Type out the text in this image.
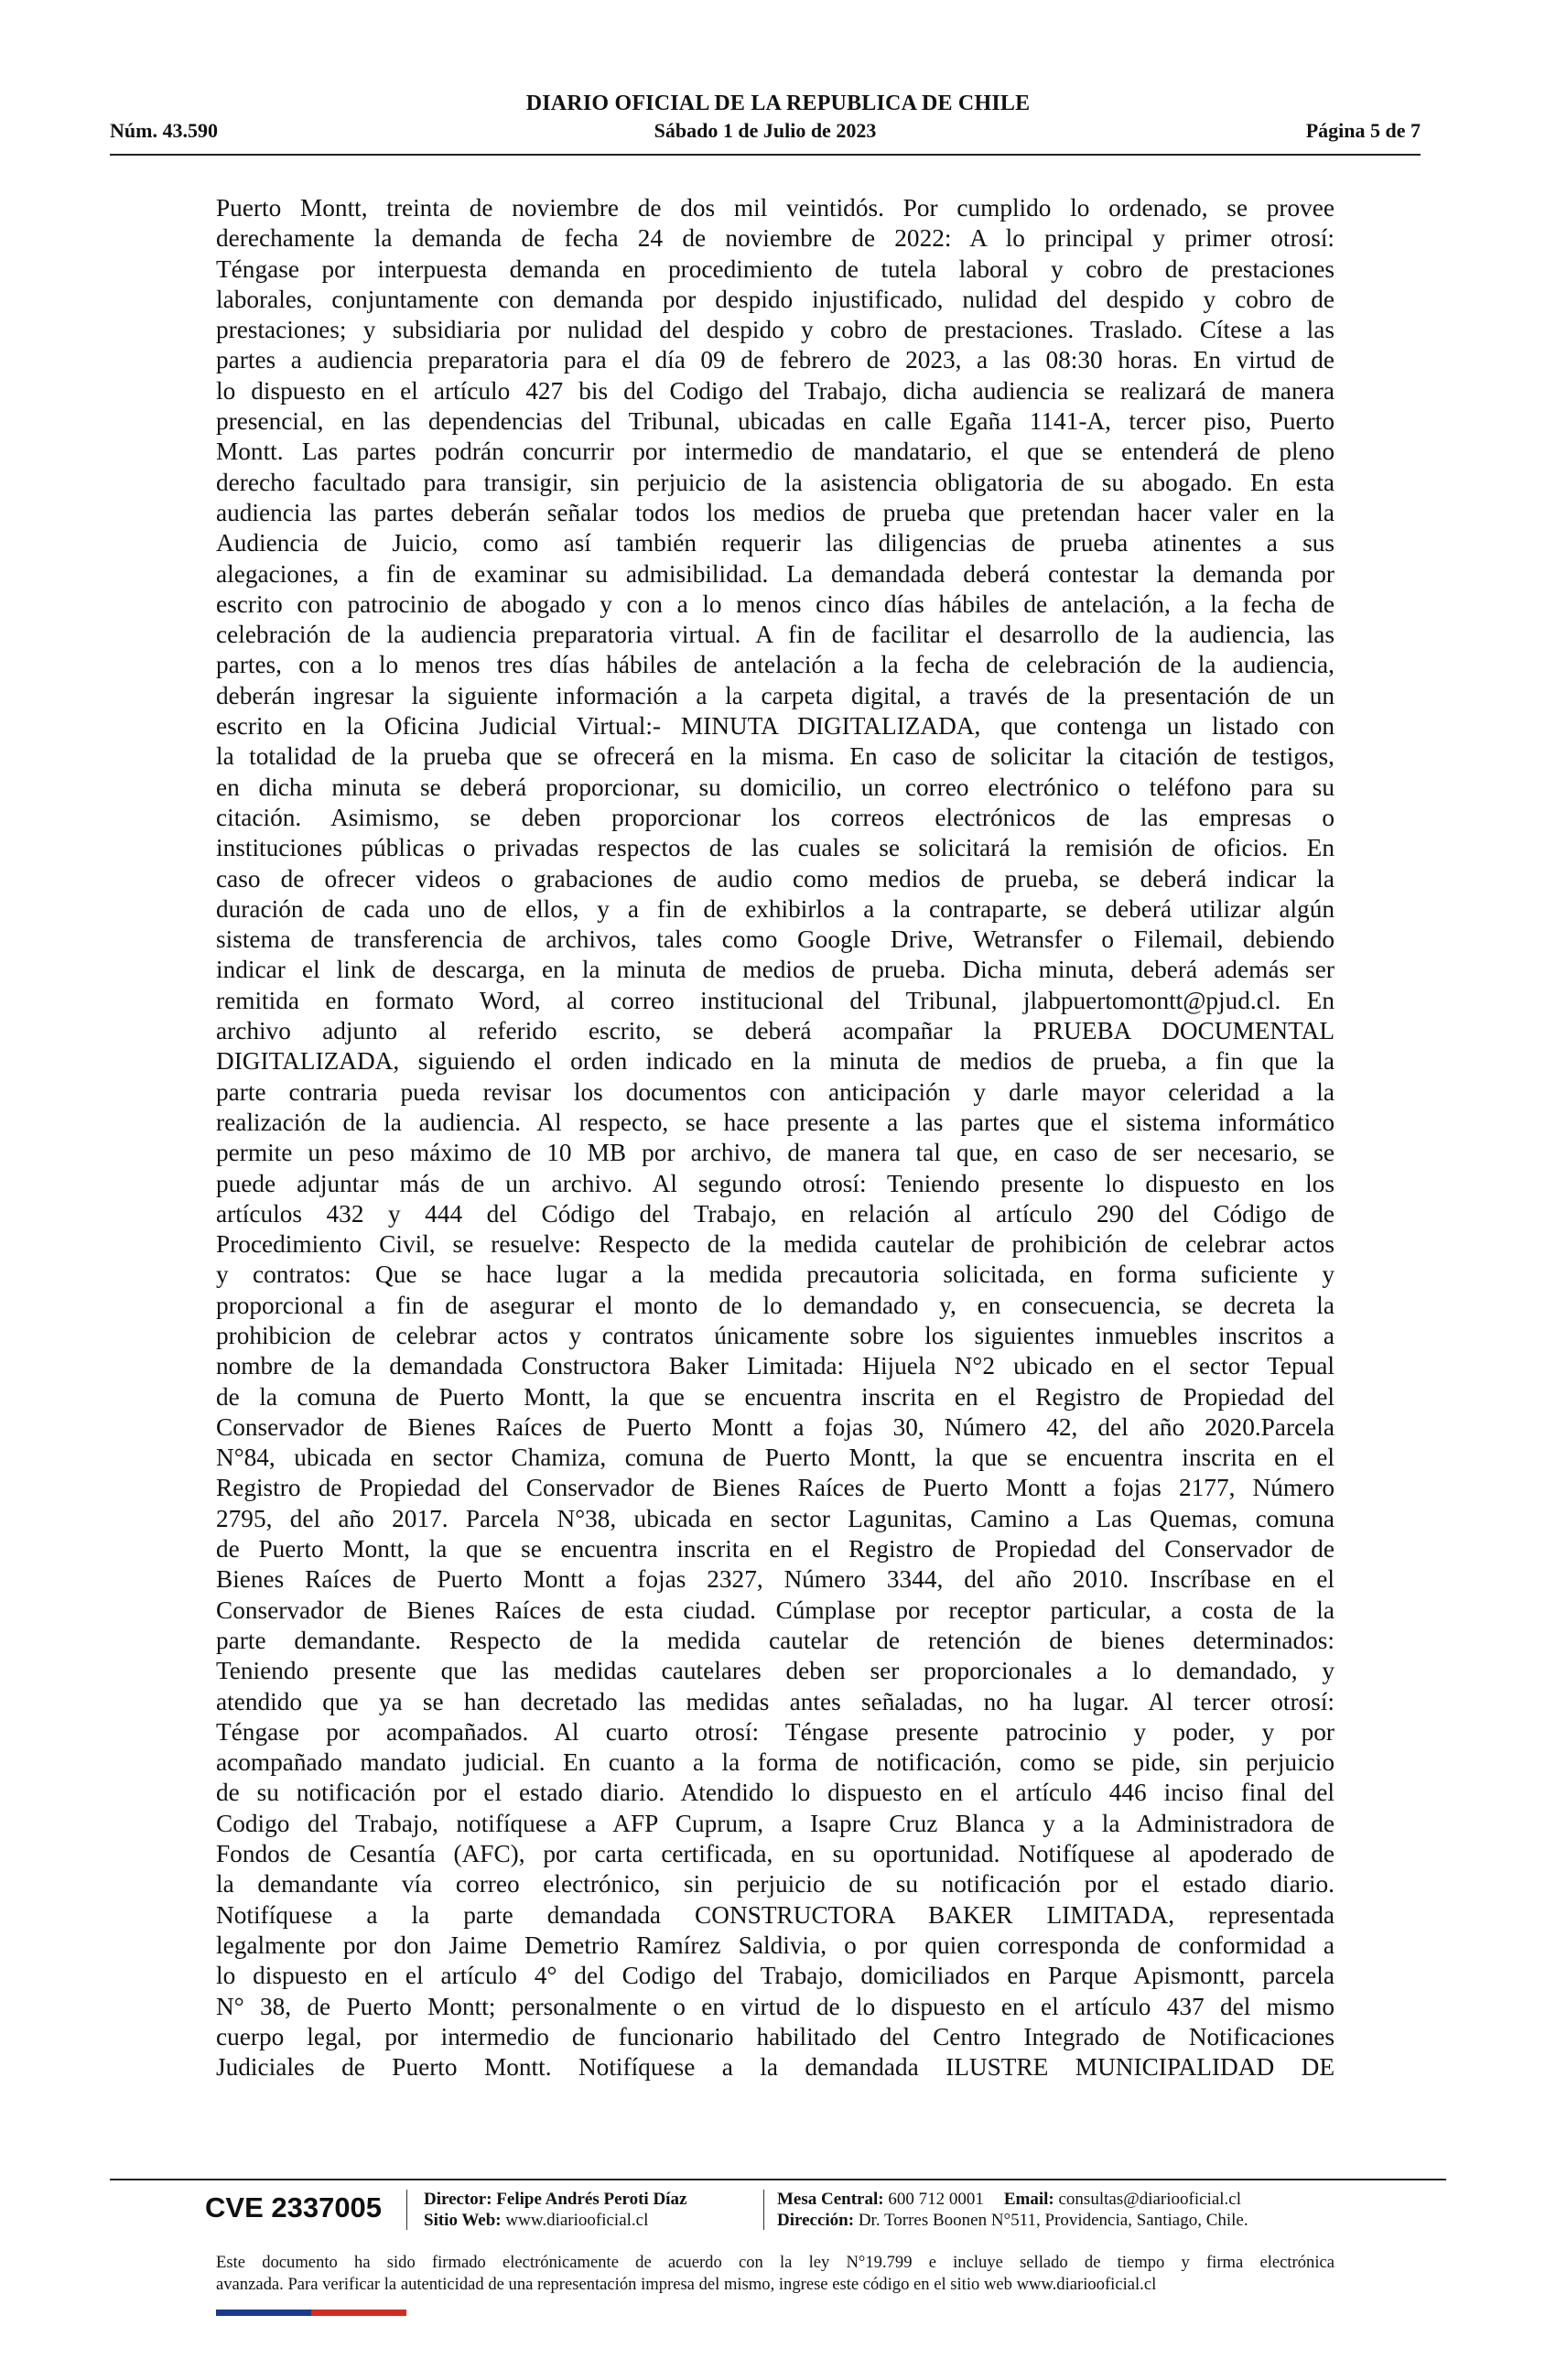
DIARIO OFICIAL DE LA REPUBLICA DE CHILE
Núm. 43.590	Sábado 1 de Julio de 2023	Página 5 de 7
Puerto Montt, treinta de noviembre de dos mil veintidós. Por cumplido lo ordenado, se provee
derechamente la demanda de fecha 24 de noviembre de 2022: A lo principal y primer otrosí:
Téngase por interpuesta demanda en procedimiento de tutela laboral y cobro de prestaciones
laborales, conjuntamente con demanda por despido injustificado, nulidad del despido y cobro de
prestaciones; y subsidiaria por nulidad del despido y cobro de prestaciones. Traslado. Cítese a las
partes a audiencia preparatoria para el día 09 de febrero de 2023, a las 08:30 horas. En virtud de
lo dispuesto en el artículo 427 bis del Codigo del Trabajo, dicha audiencia se realizará de manera
presencial, en las dependencias del Tribunal, ubicadas en calle Egaña 1141-A, tercer piso, Puerto
Montt. Las partes podrán concurrir por intermedio de mandatario, el que se entenderá de pleno
derecho facultado para transigir, sin perjuicio de la asistencia obligatoria de su abogado. En esta
audiencia las partes deberán señalar todos los medios de prueba que pretendan hacer valer en la
Audiencia de Juicio, como así también requerir las diligencias de prueba atinentes a sus
alegaciones, a fin de examinar su admisibilidad. La demandada deberá contestar la demanda por
escrito con patrocinio de abogado y con a lo menos cinco días hábiles de antelación, a la fecha de
celebración de la audiencia preparatoria virtual. A fin de facilitar el desarrollo de la audiencia, las
partes, con a lo menos tres días hábiles de antelación a la fecha de celebración de la audiencia,
deberán ingresar la siguiente información a la carpeta digital, a través de la presentación de un
escrito en la Oficina Judicial Virtual:- MINUTA DIGITALIZADA, que contenga un listado con
la totalidad de la prueba que se ofrecerá en la misma. En caso de solicitar la citación de testigos,
en dicha minuta se deberá proporcionar, su domicilio, un correo electrónico o teléfono para su
citación. Asimismo, se deben proporcionar los correos electrónicos de las empresas o
instituciones públicas o privadas respectos de las cuales se solicitará la remisión de oficios. En
caso de ofrecer videos o grabaciones de audio como medios de prueba, se deberá indicar la
duración de cada uno de ellos, y a fin de exhibirlos a la contraparte, se deberá utilizar algún
sistema de transferencia de archivos, tales como Google Drive, Wetransfer o Filemail, debiendo
indicar el link de descarga, en la minuta de medios de prueba. Dicha minuta, deberá además ser
remitida en formato Word, al correo institucional del Tribunal, jlabpuertomontt@pjud.cl. En
archivo adjunto al referido escrito, se deberá acompañar la PRUEBA DOCUMENTAL
DIGITALIZADA, siguiendo el orden indicado en la minuta de medios de prueba, a fin que la
parte contraria pueda revisar los documentos con anticipación y darle mayor celeridad a la
realización de la audiencia. Al respecto, se hace presente a las partes que el sistema informático
permite un peso máximo de 10 MB por archivo, de manera tal que, en caso de ser necesario, se
puede adjuntar más de un archivo. Al segundo otrosí: Teniendo presente lo dispuesto en los
artículos 432 y 444 del Código del Trabajo, en relación al artículo 290 del Código de
Procedimiento Civil, se resuelve: Respecto de la medida cautelar de prohibición de celebrar actos
y contratos: Que se hace lugar a la medida precautoria solicitada, en forma suficiente y
proporcional a fin de asegurar el monto de lo demandado y, en consecuencia, se decreta la
prohibicion de celebrar actos y contratos únicamente sobre los siguientes inmuebles inscritos a
nombre de la demandada Constructora Baker Limitada: Hijuela N°2 ubicado en el sector Tepual
de la comuna de Puerto Montt, la que se encuentra inscrita en el Registro de Propiedad del
Conservador de Bienes Raíces de Puerto Montt a fojas 30, Número 42, del año 2020.Parcela
N°84, ubicada en sector Chamiza, comuna de Puerto Montt, la que se encuentra inscrita en el
Registro de Propiedad del Conservador de Bienes Raíces de Puerto Montt a fojas 2177, Número
2795, del año 2017. Parcela N°38, ubicada en sector Lagunitas, Camino a Las Quemas, comuna
de Puerto Montt, la que se encuentra inscrita en el Registro de Propiedad del Conservador de
Bienes Raíces de Puerto Montt a fojas 2327, Número 3344, del año 2010. Inscríbase en el
Conservador de Bienes Raíces de esta ciudad. Cúmplase por receptor particular, a costa de la
parte demandante. Respecto de la medida cautelar de retención de bienes determinados:
Teniendo presente que las medidas cautelares deben ser proporcionales a lo demandado, y
atendido que ya se han decretado las medidas antes señaladas, no ha lugar. Al tercer otrosí:
Téngase por acompañados. Al cuarto otrosí: Téngase presente patrocinio y poder, y por
acompañado mandato judicial. En cuanto a la forma de notificación, como se pide, sin perjuicio
de su notificación por el estado diario. Atendido lo dispuesto en el artículo 446 inciso final del
Codigo del Trabajo, notifíquese a AFP Cuprum, a Isapre Cruz Blanca y a la Administradora de
Fondos de Cesantía (AFC), por carta certificada, en su oportunidad. Notifíquese al apoderado de
la demandante vía correo electrónico, sin perjuicio de su notificación por el estado diario.
Notifíquese a la parte demandada CONSTRUCTORA BAKER LIMITADA, representada
legalmente por don Jaime Demetrio Ramírez Saldivia, o por quien corresponda de conformidad a
lo dispuesto en el artículo 4° del Codigo del Trabajo, domiciliados en Parque Apismontt, parcela
N° 38, de Puerto Montt; personalmente o en virtud de lo dispuesto en el artículo 437 del mismo
cuerpo legal, por intermedio de funcionario habilitado del Centro Integrado de Notificaciones
Judiciales de Puerto Montt. Notifíquese a la demandada ILUSTRE MUNICIPALIDAD DE
CVE 2337005	Director: Felipe Andrés Peroti Díaz
Sitio Web: www.diariooficial.cl
Mesa Central: 600 712 0001 Email: consultas@diariooficial.cl
Dirección: Dr. Torres Boonen N°511, Providencia, Santiago, Chile.
Este documento ha sido firmado electrónicamente de acuerdo con la ley N°19.799 e incluye sellado de tiempo y firma electrónica
avanzada. Para verificar la autenticidad de una representación impresa del mismo, ingrese este código en el sitio web www.diariooficial.cl
